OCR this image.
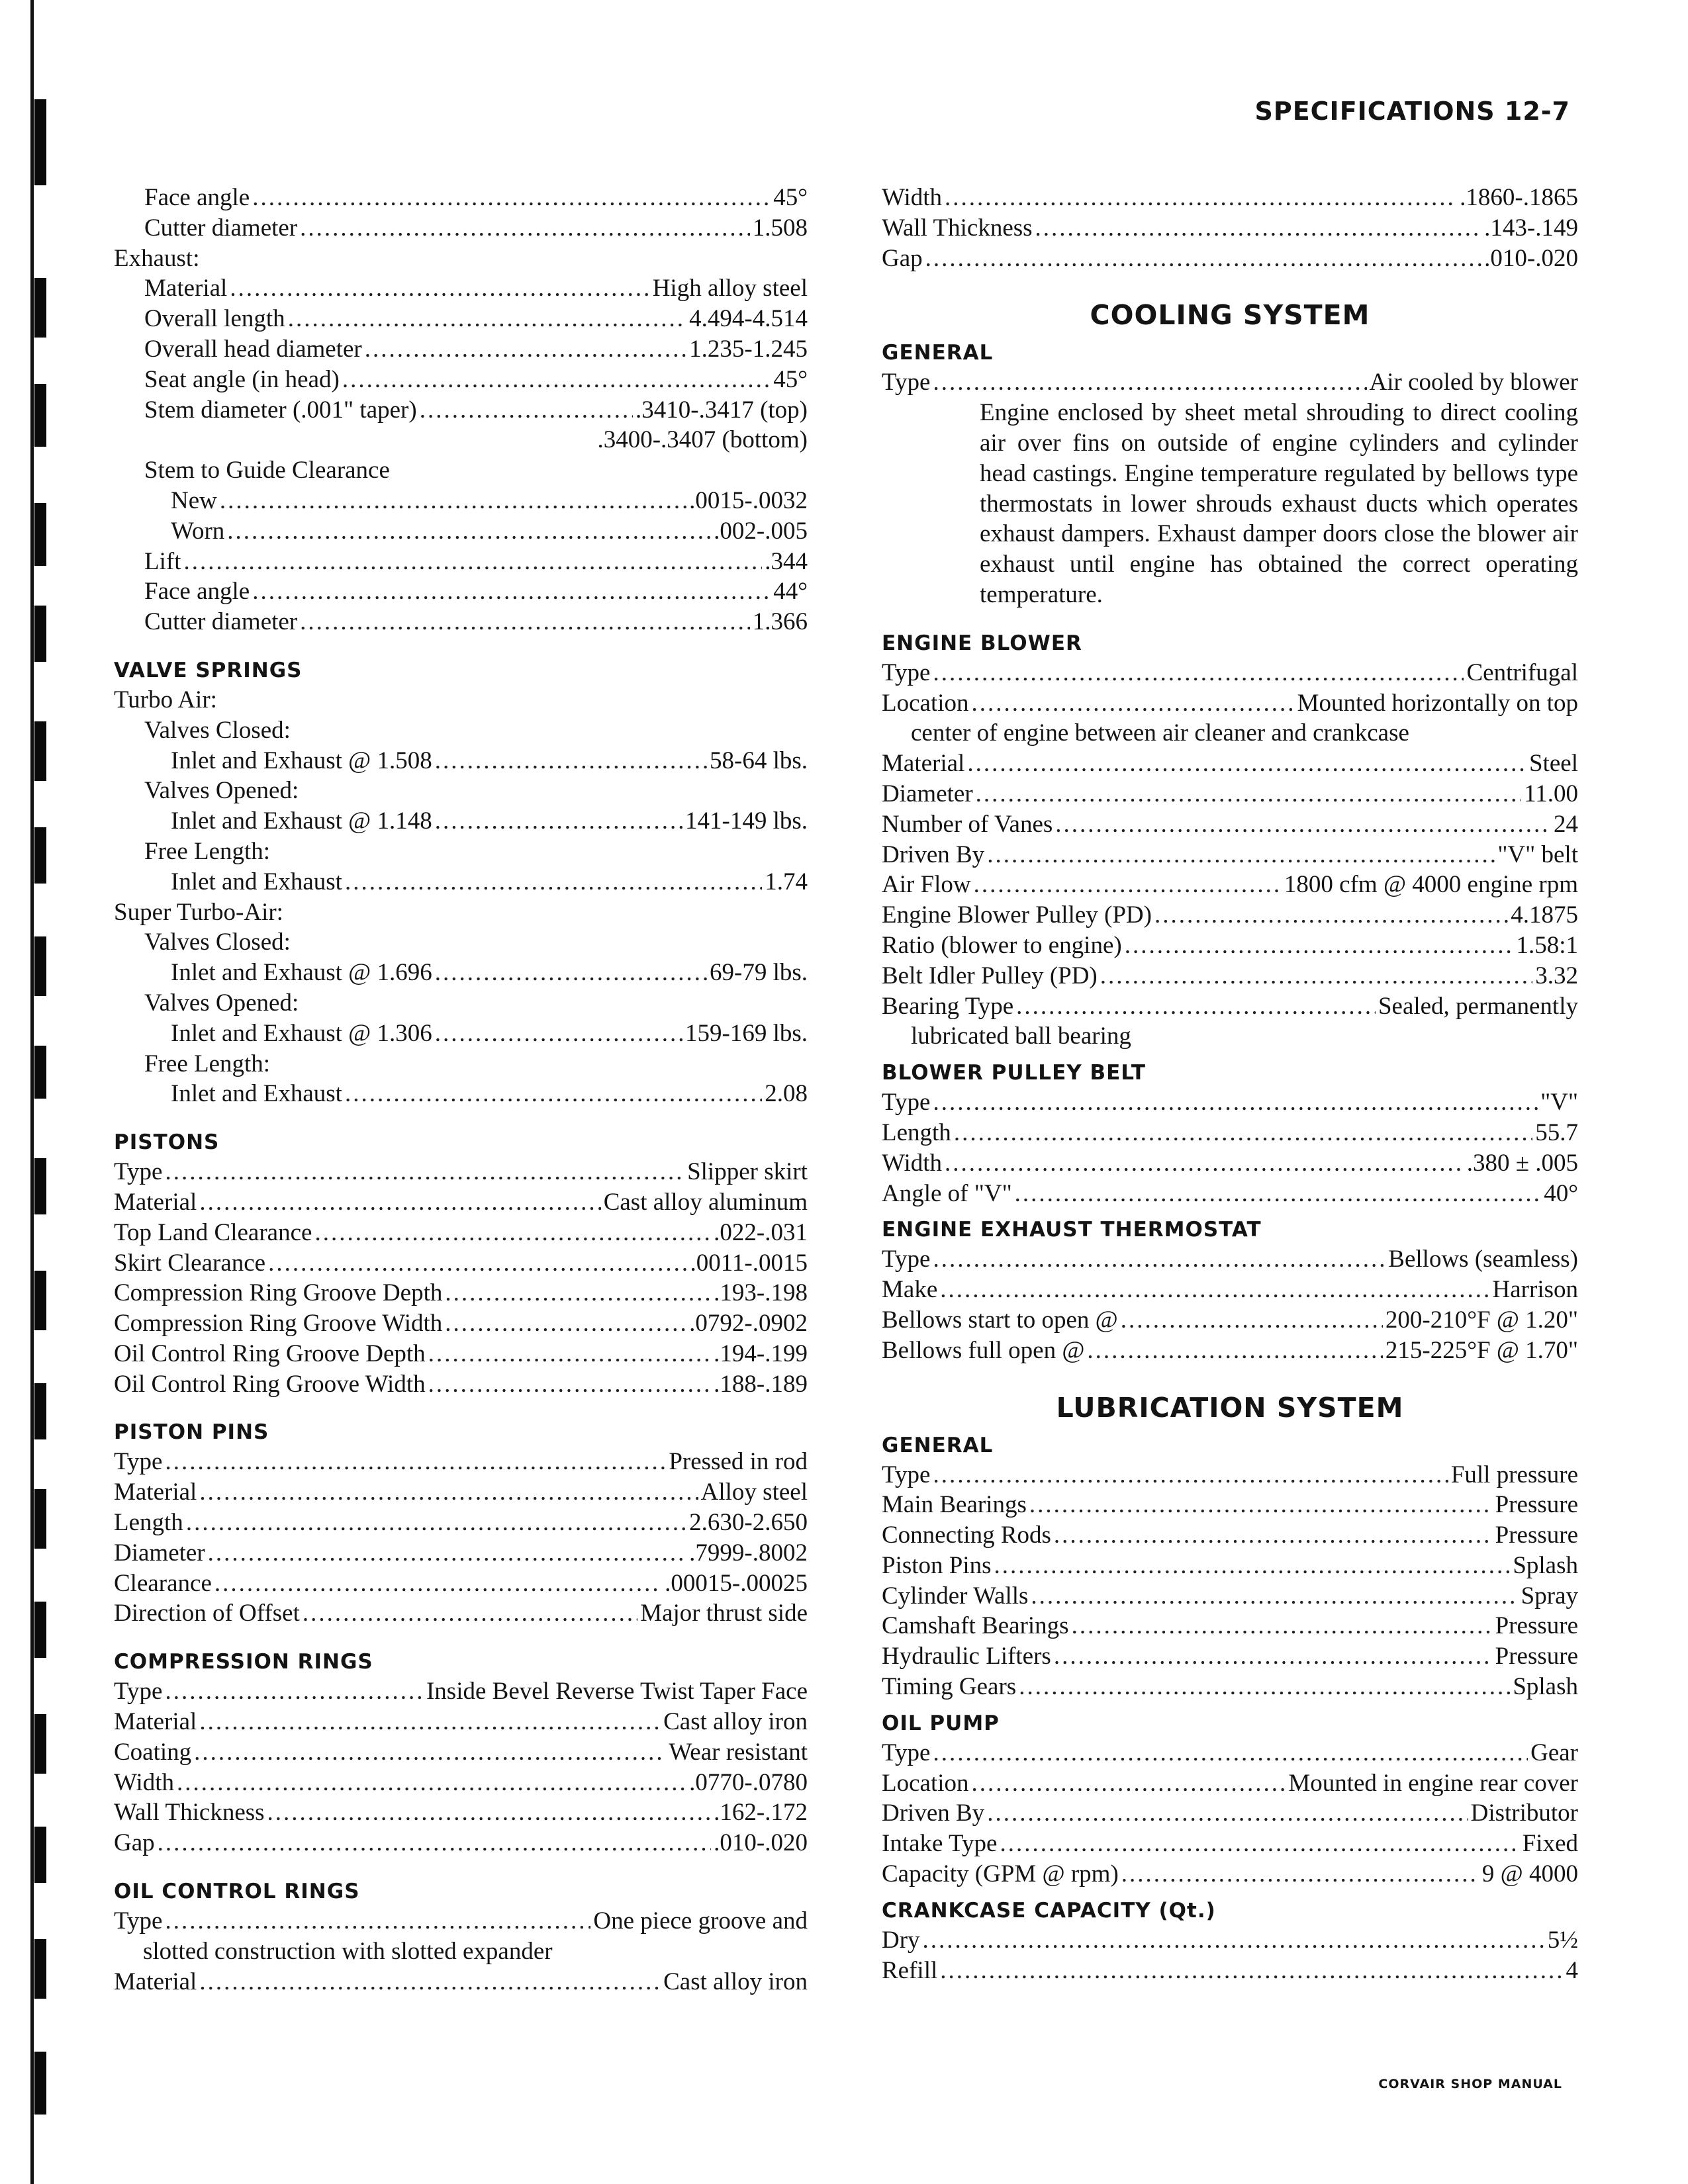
SPECIFICATIONS 12-7
Face angle .....	45°
Cutter diameter .....	1.508
Exhaust:
Material .....	High alloy steel
Overall length .....	4.494-4.514
Overall head diameter .....	1.235-1.245
Seat angle (in head) .....	45°
Stem diameter (.001" taper) .....	.3410-.3417 (top)
.3400-.3407 (bottom)
Stem to Guide Clearance
New .....	.0015-.0032
Worn .....	.002-.005
Lift .....	.344
Face angle .....	44°
Cutter diameter .....	1.366
VALVE SPRINGS
Turbo Air:
Valves Closed:
Inlet and Exhaust @ 1.508 .....	58-64 lbs.
Valves Opened:
Inlet and Exhaust @ 1.148 .....	141-149 lbs.
Free Length:
Inlet and Exhaust .....	1.74
Super Turbo-Air:
Valves Closed:
Inlet and Exhaust @ 1.696 .....	69-79 lbs.
Valves Opened:
Inlet and Exhaust @ 1.306 .....	159-169 lbs.
Free Length:
Inlet and Exhaust .....	2.08
PISTONS
Type .....	Slipper skirt
Material .....	Cast alloy aluminum
Top Land Clearance .....	.022-.031
Skirt Clearance .....	.0011-.0015
Compression Ring Groove Depth .....	.193-.198
Compression Ring Groove Width .....	.0792-.0902
Oil Control Ring Groove Depth .....	.194-.199
Oil Control Ring Groove Width .....	.188-.189
PISTON PINS
Type .....	Pressed in rod
Material .....	Alloy steel
Length .....	2.630-2.650
Diameter .....	.7999-.8002
Clearance .....	.00015-.00025
Direction of Offset .....	Major thrust side
COMPRESSION RINGS
Type .....	Inside Bevel Reverse Twist Taper Face
Material .....	Cast alloy iron
Coating .....	Wear resistant
Width .....	.0770-.0780
Wall Thickness .....	.162-.172
Gap .....	.010-.020
OIL CONTROL RINGS
Type .....	One piece groove and
slotted construction with slotted expander
Material .....	Cast alloy iron
Width .....	.1860-.1865
Wall Thickness .....	.143-.149
Gap .....	.010-.020
COOLING SYSTEM
GENERAL
Type .....	Air cooled by blower
Engine enclosed by sheet metal shrouding to direct cooling air over fins on outside of engine cylinders and cylinder head castings. Engine temperature regulated by bellows type thermostats in lower shrouds exhaust ducts which operates exhaust dampers. Exhaust damper doors close the blower air exhaust until engine has obtained the correct operating temperature.
ENGINE BLOWER
Type .....	Centrifugal
Location .....	Mounted horizontally on top
center of engine between air cleaner and crankcase
Material .....	Steel
Diameter .....	11.00
Number of Vanes .....	24
Driven By .....	"V" belt
Air Flow .....	1800 cfm @ 4000 engine rpm
Engine Blower Pulley (PD) .....	4.1875
Ratio (blower to engine) .....	1.58:1
Belt Idler Pulley (PD) .....	3.32
Bearing Type .....	Sealed, permanently
lubricated ball bearing
BLOWER PULLEY BELT
Type .....	"V"
Length .....	55.7
Width .....	.380 ± .005
Angle of "V" .....	40°
ENGINE EXHAUST THERMOSTAT
Type .....	Bellows (seamless)
Make .....	Harrison
Bellows start to open @ .....	200-210°F @ 1.20"
Bellows full open @ .....	215-225°F @ 1.70"
LUBRICATION SYSTEM
GENERAL
Type .....	Full pressure
Main Bearings .....	Pressure
Connecting Rods .....	Pressure
Piston Pins .....	Splash
Cylinder Walls .....	Spray
Camshaft Bearings .....	Pressure
Hydraulic Lifters .....	Pressure
Timing Gears .....	Splash
OIL PUMP
Type .....	Gear
Location .....	Mounted in engine rear cover
Driven By .....	Distributor
Intake Type .....	Fixed
Capacity (GPM @ rpm) .....	9 @ 4000
CRANKCASE CAPACITY (Qt.)
Dry .....	5½
Refill .....	4
CORVAIR SHOP MANUAL
